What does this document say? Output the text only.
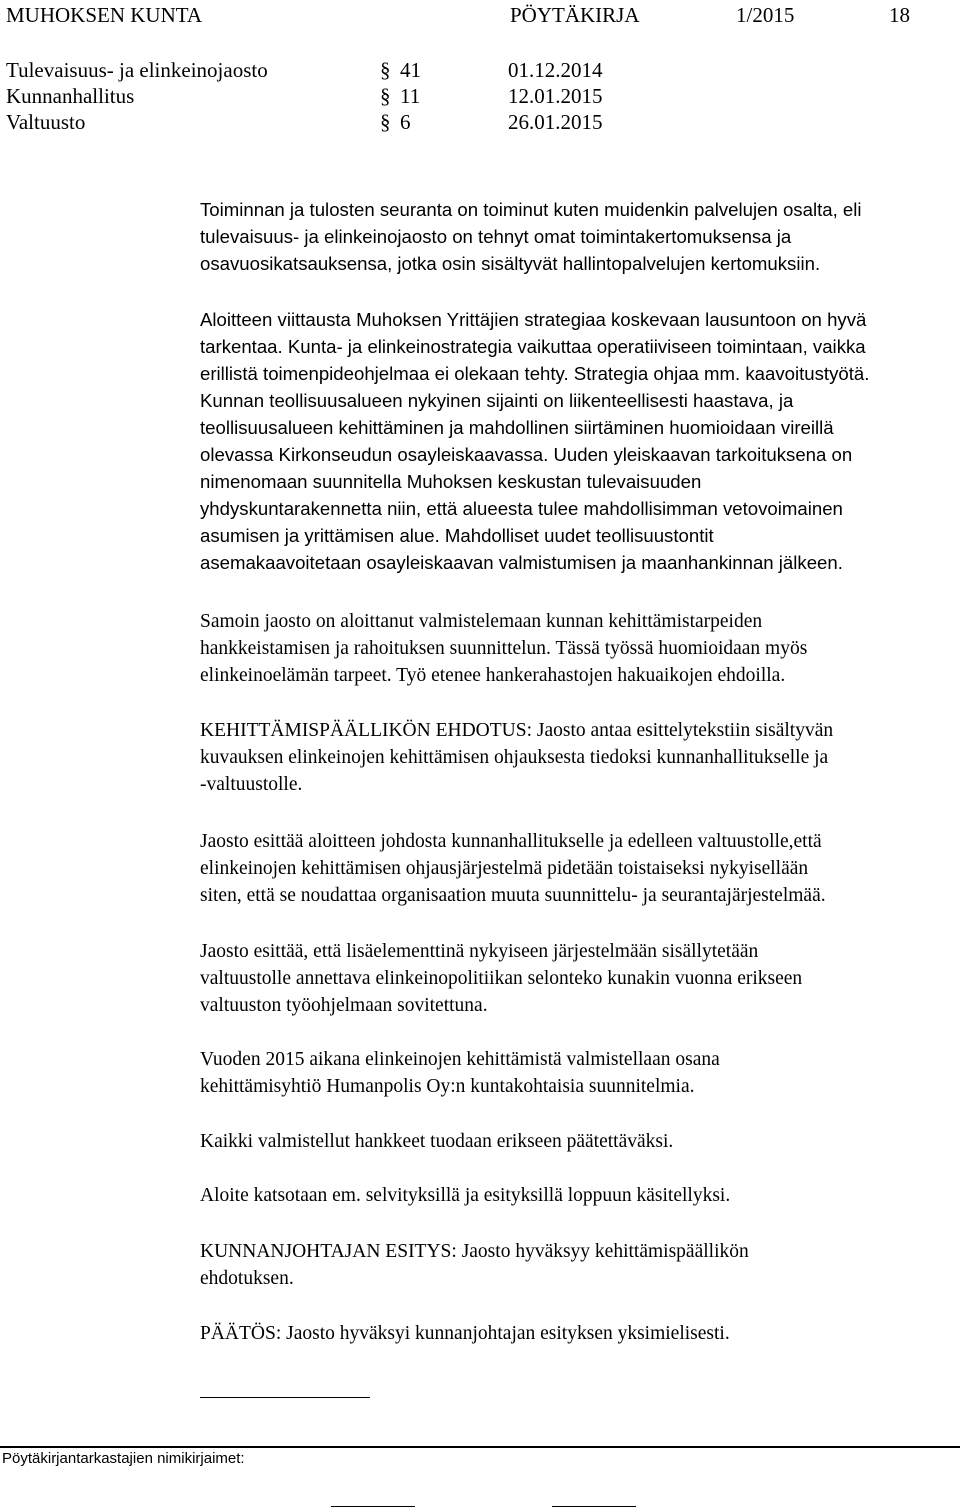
MUHOKSEN KUNTA	PÖYTÄKIRJA	1/2015	18
Tulevaisuus- ja elinkeinojaosto	§ 41	01.12.2014
Kunnanhallitus	§ 11	12.01.2015
Valtuusto	§ 6	26.01.2015
Toiminnan ja tulosten seuranta on toiminut kuten muidenkin palvelujen osalta, eli
tulevaisuus- ja elinkeinojaosto on tehnyt omat toimintakertomuksensa ja
osavuosikatsauksensa, jotka osin sisältyvät hallintopalvelujen kertomuksiin.
Aloitteen viittausta Muhoksen Yrittäjien strategiaa koskevaan lausuntoon on hyvä
tarkentaa. Kunta- ja elinkeinostrategia vaikuttaa operatiiviseen toimintaan, vaikka
erillistä toimenpideohjelmaa ei olekaan tehty. Strategia ohjaa mm. kaavoitustyötä.
Kunnan teollisuusalueen nykyinen sijainti on liikenteellisesti haastava, ja
teollisuusalueen kehittäminen ja mahdollinen siirtäminen huomioidaan vireillä
olevassa Kirkonseudun osayleiskaavassa. Uuden yleiskaavan tarkoituksena on
nimenomaan suunnitella Muhoksen keskustan tulevaisuuden
yhdyskuntarakennetta niin, että alueesta tulee mahdollisimman vetovoimainen
asumisen ja yrittämisen alue. Mahdolliset uudet teollisuustontit
asemakaavoitetaan osayleiskaavan valmistumisen ja maanhankinnan jälkeen.
Samoin jaosto on aloittanut valmistelemaan kunnan kehittämistarpeiden
hankkeistamisen ja rahoituksen suunnittelun. Tässä työssä huomioidaan myös
elinkeinoelämän tarpeet. Työ etenee hankerahastojen hakuaikojen ehdoilla.
KEHITTÄMISPÄÄLLIKÖN EHDOTUS: Jaosto antaa esittelytekstiin sisältyvän
kuvauksen elinkeinojen kehittämisen ohjauksesta tiedoksi kunnanhallitukselle ja
-valtuustolle.
Jaosto esittää aloitteen johdosta kunnanhallitukselle ja edelleen valtuustolle,että
elinkeinojen kehittämisen ohjausjärjestelmä pidetään toistaiseksi nykyisellään
siten, että se noudattaa organisaation muuta suunnittelu- ja seurantajärjestelmää.
Jaosto esittää, että lisäelementtinä nykyiseen järjestelmään sisällytetään
valtuustolle annettava elinkeinopolitiikan selonteko kunakin vuonna erikseen
valtuuston työohjelmaan sovitettuna.
Vuoden 2015 aikana elinkeinojen kehittämistä valmistellaan osana
kehittämisyhtiö Humanpolis Oy:n kuntakohtaisia suunnitelmia.
Kaikki valmistellut hankkeet tuodaan erikseen päätettäväksi.
Aloite katsotaan em. selvityksillä ja esityksillä loppuun käsitellyksi.
KUNNANJOHTAJAN ESITYS: Jaosto hyväksyy kehittämispäällikön
ehdotuksen.
PÄÄTÖS: Jaosto hyväksyi kunnanjohtajan esityksen yksimielisesti.
Pöytäkirjantarkastajien nimikirjaimet:
